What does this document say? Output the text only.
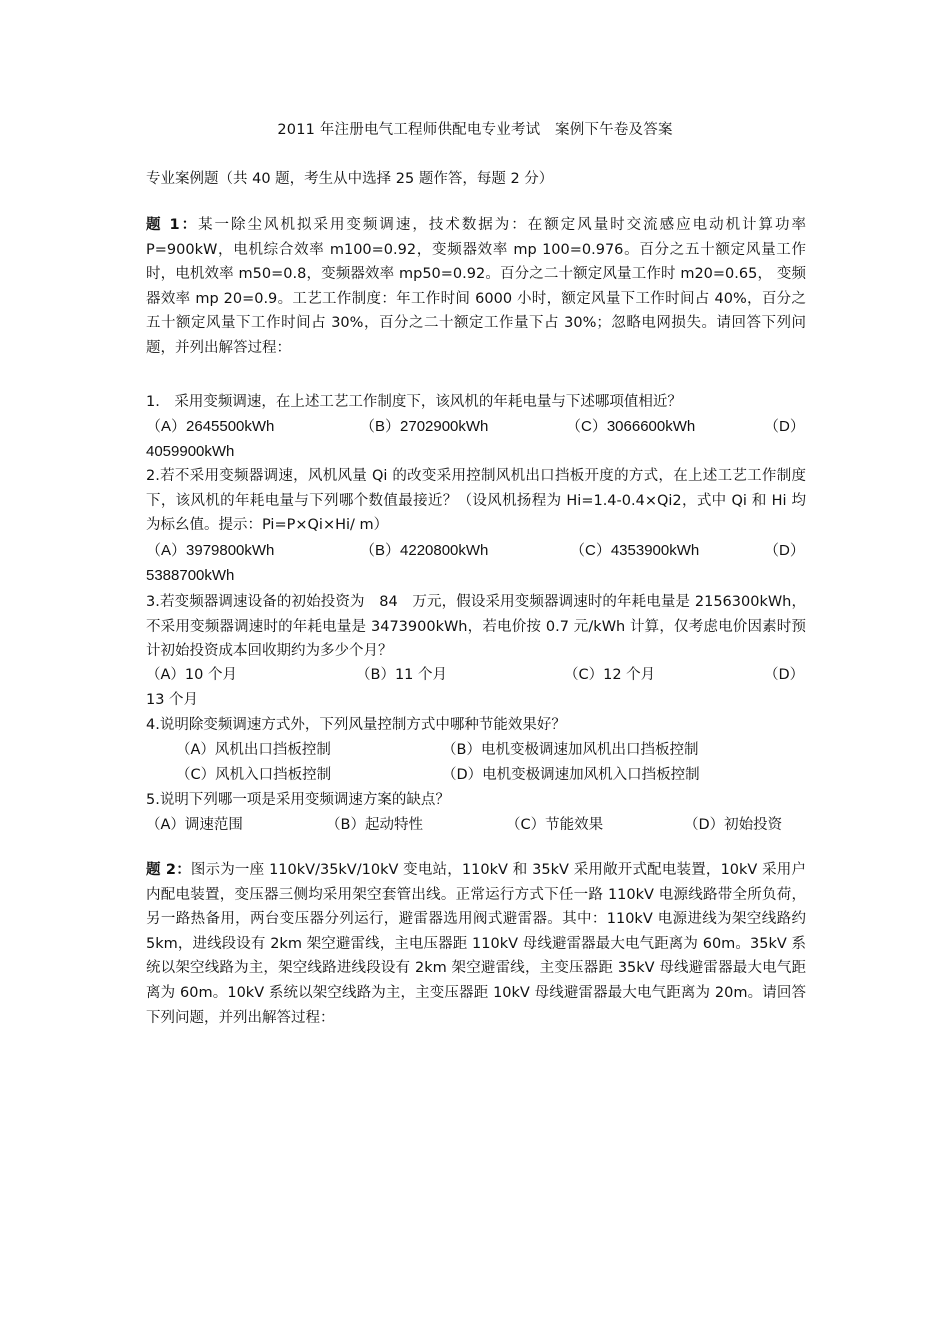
2011 年注册电气工程师供配电专业考试　案例下午卷及答案
专业案例题（共 40 题，考生从中选择 25 题作答，每题 2 分）
题 1：某一除尘风机拟采用变频调速，技术数据为：在额定风量时交流感应电动机计算功率 P=900kW，电机综合效率 m100=0.92，变频器效率 mp 100=0.976。百分之五十额定风量工作时，电机效率 m50=0.8，变频器效率 mp50=0.92。百分之二十额定风量工作时 m20=0.65， 变频器效率 mp 20=0.9。工艺工作制度：年工作时间 6000 小时，额定风量下工作时间占 40%，百分之五十额定风量下工作时间占 30%，百分之二十额定工作量下占 30%；忽略电网损失。请回答下列问题，并列出解答过程：
1.　采用变频调速，在上述工艺工作制度下，该风机的年耗电量与下述哪项值相近？
（A）2645500kWh	（B）2702900kWh	（C）3066600kWh	（D）
4059900kWh
2.若不采用变频器调速，风机风量 Qi 的改变采用控制风机出口挡板开度的方式，在上述工艺工作制度下，该风机的年耗电量与下列哪个数值最接近？（设风机扬程为 Hi=1.4-0.4×Qi2，式中 Qi 和 Hi 均为标幺值。提示：Pi=P×Qi×Hi/ m）
（A）3979800kWh	（B）4220800kWh	（C）4353900kWh	（D）
5388700kWh
3.若变频器调速设备的初始投资为　84　万元，假设采用变频器调速时的年耗电量是 2156300kWh，不采用变频器调速时的年耗电量是 3473900kWh，若电价按 0.7 元/kWh 计算，仅考虑电价因素时预计初始投资成本回收期约为多少个月？
（A）10 个月	（B）11 个月	（C）12 个月	（D）
13 个月
4.说明除变频调速方式外，下列风量控制方式中哪种节能效果好？
（A）风机出口挡板控制	（B）电机变极调速加风机出口挡板控制
（C）风机入口挡板控制	（D）电机变极调速加风机入口挡板控制
5.说明下列哪一项是采用变频调速方案的缺点？
（A）调速范围	（B）起动特性	（C）节能效果	（D）初始投资
题 2：图示为一座 110kV/35kV/10kV 变电站，110kV 和 35kV 采用敞开式配电装置，10kV 采用户内配电装置，变压器三侧均采用架空套管出线。正常运行方式下任一路 110kV 电源线路带全所负荷，另一路热备用，两台变压器分列运行，避雷器选用阀式避雷器。其中：110kV 电源进线为架空线路约 5km，进线段设有 2km 架空避雷线，主电压器距 110kV 母线避雷器最大电气距离为 60m。35kV 系统以架空线路为主，架空线路进线段设有 2km 架空避雷线，主变压器距 35kV 母线避雷器最大电气距离为 60m。10kV 系统以架空线路为主，主变压器距 10kV 母线避雷器最大电气距离为 20m。请回答下列问题，并列出解答过程：
